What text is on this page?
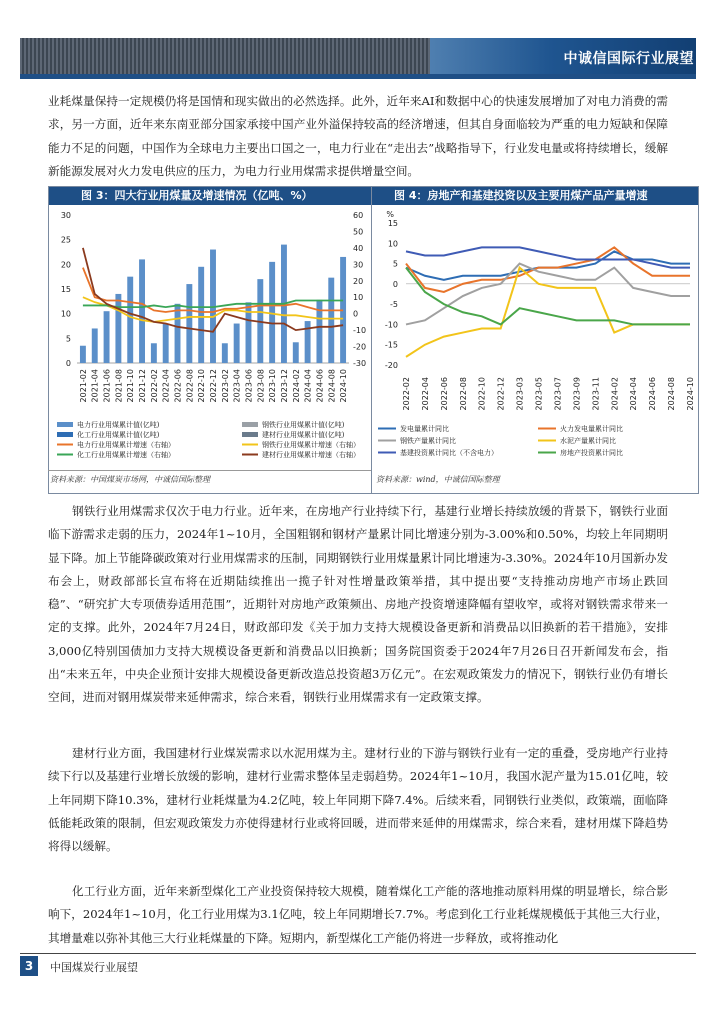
中诚信国际行业展望

业耗煤量保持一定规模仍将是国情和现实做出的必然选择。此外，近年来AI和数据中心的快速发展增加了对电力消费的需求，另一方面，近年来东南亚部分国家承接中国产业外溢保持较高的经济增速，但其自身面临较为严重的电力短缺和保障能力不足的问题，中国作为全球电力主要出口国之一，电力行业在“走出去”战略指导下，行业发电量或将持续增长，缓解新能源发展对火力发电供应的压力，为电力行业用煤需求提供增量空间。

图 3：四大行业用煤量及增速情况（亿吨、%）
0
5
10
15
20
25
30
-30
-20
-10
0
10
20
30
40
50
60
2021-02 2021-04 2021-06 2021-08 2021-10 2021-12 2022-02 2022-04 2022-06 2022-08 2022-10 2022-12 2023-02 2023-04 2023-06 2023-08 2023-10 2023-12 2024-02 2024-04 2024-06 2024-08 2024-10
电力行业用煤累计值(亿吨)	钢铁行业用煤累计值(亿吨)
化工行业用煤累计值(亿吨)	建材行业用煤累计值(亿吨)
电力行业用煤累计增速（右轴）	钢铁行业用煤累计增速（右轴）
化工行业用煤累计增速（右轴）	建材行业用煤累计增速（右轴）
资料来源：中国煤炭市场网，中诚信国际整理
图 4：房地产和基建投资以及主要用煤产品产量增速
%
-20
-15
-10
-5
0
5
10
15
2022-02 2022-04 2022-06 2022-08 2022-10 2022-12 2023-03 2023-05 2023-07 2023-09 2023-11 2024-02 2024-04 2024-06 2024-08 2024-10
发电量累计同比	火力发电量累计同比
钢铁产量累计同比	水泥产量累计同比
基建投资累计同比（不含电力）	房地产投资累计同比
资料来源：wind，中诚信国际整理

钢铁行业用煤需求仅次于电力行业。近年来，在房地产行业持续下行，基建行业增长持续放缓的背景下，钢铁行业面临下游需求走弱的压力，2024年1~10月，全国粗钢和钢材产量累计同比增速分别为-3.00%和0.50%，均较上年同期明显下降。加上节能降碳政策对行业用煤需求的压制，同期钢铁行业用煤量累计同比增速为-3.30%。2024年10月国新办发布会上，财政部部长宣布将在近期陆续推出一揽子针对性增量政策举措，其中提出要“支持推动房地产市场止跌回稳”、“研究扩大专项债券适用范围”，近期针对房地产政策频出、房地产投资增速降幅有望收窄，或将对钢铁需求带来一定的支撑。此外，2024年7月24日，财政部印发《关于加力支持大规模设备更新和消费品以旧换新的若干措施》，安排3,000亿特别国债加力支持大规模设备更新和消费品以旧换新；国务院国资委于2024年7月26日召开新闻发布会，指出“未来五年，中央企业预计安排大规模设备更新改造总投资超3万亿元”。在宏观政策发力的情况下，钢铁行业仍有增长空间，进而对钢用煤炭带来延伸需求，综合来看，钢铁行业用煤需求有一定政策支撑。

建材行业方面，我国建材行业煤炭需求以水泥用煤为主。建材行业的下游与钢铁行业有一定的重叠，受房地产行业持续下行以及基建行业增长放缓的影响，建材行业需求整体呈走弱趋势。2024年1~10月，我国水泥产量为15.01亿吨，较上年同期下降10.3%，建材行业耗煤量为4.2亿吨，较上年同期下降7.4%。后续来看，同钢铁行业类似，政策端，面临降低能耗政策的限制，但宏观政策发力亦使得建材行业或将回暖，进而带来延伸的用煤需求，综合来看，建材用煤下降趋势将得以缓解。

化工行业方面，近年来新型煤化工产业投资保持较大规模，随着煤化工产能的落地推动原料用煤的明显增长，综合影响下，2024年1~10月，化工行业用煤为3.1亿吨，较上年同期增长7.7%。考虑到化工行业耗煤规模低于其他三大行业，其增量难以弥补其他三大行业耗煤量的下降。短期内，新型煤化工产能仍将进一步释放，或将推动化

3	中国煤炭行业展望
